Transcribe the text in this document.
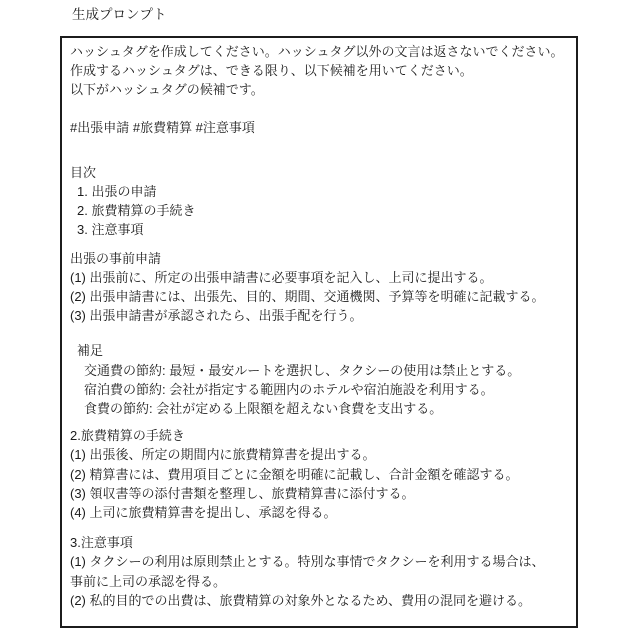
生成プロンプト
ハッシュタグを作成してください。ハッシュタグ以外の文言は返さないでください。
作成するハッシュタグは、できる限り、以下候補を用いてください。
以下がハッシュタグの候補です。
#出張申請 #旅費精算 #注意事項
目次
1. 出張の申請
2. 旅費精算の手続き
3. 注意事項
出張の事前申請
(1) 出張前に、所定の出張申請書に必要事項を記入し、上司に提出する。
(2) 出張申請書には、出張先、目的、期間、交通機関、予算等を明確に記載する。
(3) 出張申請書が承認されたら、出張手配を行う。
補足
交通費の節約: 最短・最安ルートを選択し、タクシーの使用は禁止とする。
宿泊費の節約: 会社が指定する範囲内のホテルや宿泊施設を利用する。
食費の節約: 会社が定める上限額を超えない食費を支出する。
2.旅費精算の手続き
(1) 出張後、所定の期間内に旅費精算書を提出する。
(2) 精算書には、費用項目ごとに金額を明確に記載し、合計金額を確認する。
(3) 領収書等の添付書類を整理し、旅費精算書に添付する。
(4) 上司に旅費精算書を提出し、承認を得る。
3.注意事項
(1) タクシーの利用は原則禁止とする。特別な事情でタクシーを利用する場合は、
事前に上司の承認を得る。
(2) 私的目的での出費は、旅費精算の対象外となるため、費用の混同を避ける。
